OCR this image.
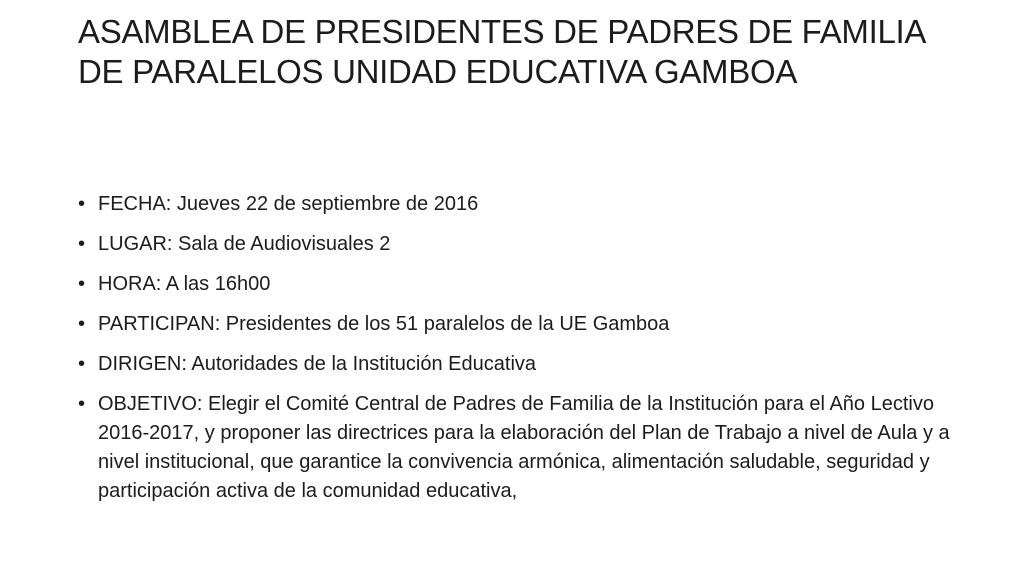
ASAMBLEA DE PRESIDENTES DE PADRES DE FAMILIA DE PARALELOS UNIDAD EDUCATIVA GAMBOA
• FECHA: Jueves 22 de septiembre de 2016
• LUGAR: Sala de Audiovisuales 2
• HORA: A las 16h00
• PARTICIPAN: Presidentes de los 51 paralelos de la UE Gamboa
• DIRIGEN: Autoridades de la Institución Educativa
• OBJETIVO: Elegir el Comité Central de Padres de Familia de la Institución para el Año Lectivo 2016-2017, y proponer las directrices para la elaboración del Plan de Trabajo a nivel de Aula y a nivel institucional, que garantice la convivencia armónica, alimentación saludable, seguridad y participación activa de la comunidad educativa,
